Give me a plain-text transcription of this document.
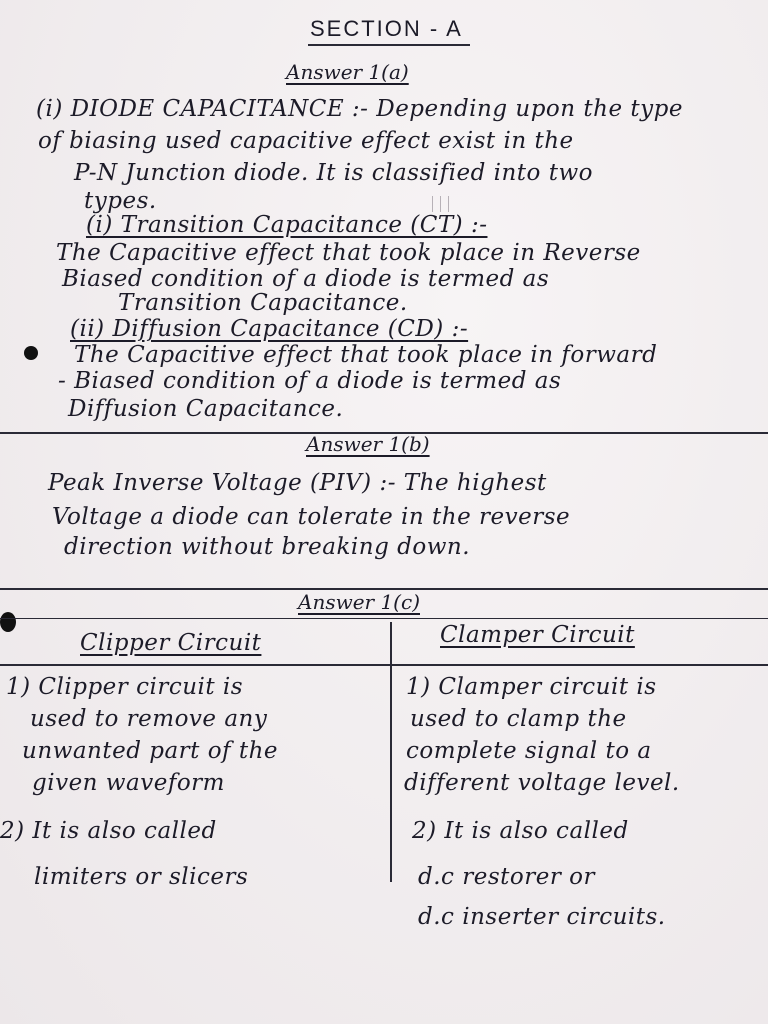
SECTION - A
Answer 1(a)
(i) DIODE CAPACITANCE :- Depending upon the type
of biasing used capacitive effect exist in the
P-N Junction diode. It is classified into two
types.
(i) Transition Capacitance (CT) :-
The Capacitive effect that took place in Reverse
Biased condition of a diode is termed as
Transition Capacitance.
(ii) Diffusion Capacitance (CD) :-
The Capacitive effect that took place in forward
- Biased condition of a diode is termed as
Diffusion Capacitance.
Answer 1(b)
Peak Inverse Voltage (PIV) :- The highest
Voltage a diode can tolerate in the reverse
direction without breaking down.
Answer 1(c)
Clipper Circuit	Clamper Circuit
1) Clipper circuit is
used to remove any
unwanted part of the
given waveform
2) It is also called
limiters or slicers
1) Clamper circuit is
used to clamp the
complete signal to a
different voltage level.
2) It is also called
d.c restorer or
d.c inserter circuits.
